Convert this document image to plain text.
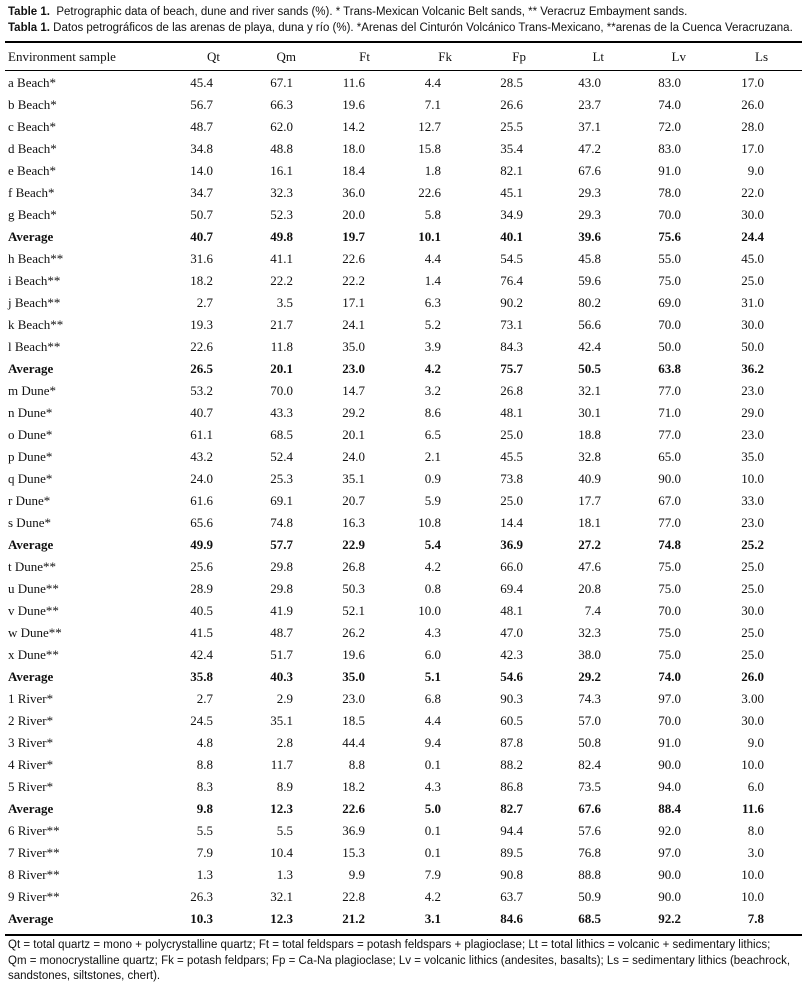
Table 1. Petrographic data of beach, dune and river sands (%). * Trans-Mexican Volcanic Belt sands, ** Veracruz Embayment sands.
Tabla 1. Datos petrográficos de las arenas de playa, duna y río (%). *Arenas del Cinturón Volcánico Trans-Mexicano, **arenas de la Cuenca Veracruzana.
Environment sample	Qt	Qm	Ft	Fk	Fp	Lt	Lv	Ls
a Beach*	45.4	67.1	11.6	4.4	28.5	43.0	83.0	17.0	
b Beach*	56.7	66.3	19.6	7.1	26.6	23.7	74.0	26.0	
c Beach*	48.7	62.0	14.2	12.7	25.5	37.1	72.0	28.0	
d Beach*	34.8	48.8	18.0	15.8	35.4	47.2	83.0	17.0	
e Beach*	14.0	16.1	18.4	1.8	82.1	67.6	91.0	9.0	
f Beach*	34.7	32.3	36.0	22.6	45.1	29.3	78.0	22.0	
g Beach*	50.7	52.3	20.0	5.8	34.9	29.3	70.0	30.0	
Average	40.7	49.8	19.7	10.1	40.1	39.6	75.6	24.4	
h Beach**	31.6	41.1	22.6	4.4	54.5	45.8	55.0	45.0	
i Beach**	18.2	22.2	22.2	1.4	76.4	59.6	75.0	25.0	
j Beach**	2.7	3.5	17.1	6.3	90.2	80.2	69.0	31.0	
k Beach**	19.3	21.7	24.1	5.2	73.1	56.6	70.0	30.0	
l Beach**	22.6	11.8	35.0	3.9	84.3	42.4	50.0	50.0	
Average	26.5	20.1	23.0	4.2	75.7	50.5	63.8	36.2	
m Dune*	53.2	70.0	14.7	3.2	26.8	32.1	77.0	23.0	
n Dune*	40.7	43.3	29.2	8.6	48.1	30.1	71.0	29.0	
o Dune*	61.1	68.5	20.1	6.5	25.0	18.8	77.0	23.0	
p Dune*	43.2	52.4	24.0	2.1	45.5	32.8	65.0	35.0	
q Dune*	24.0	25.3	35.1	0.9	73.8	40.9	90.0	10.0	
r Dune*	61.6	69.1	20.7	5.9	25.0	17.7	67.0	33.0	
s Dune*	65.6	74.8	16.3	10.8	14.4	18.1	77.0	23.0	
Average	49.9	57.7	22.9	5.4	36.9	27.2	74.8	25.2	
t Dune**	25.6	29.8	26.8	4.2	66.0	47.6	75.0	25.0	
u Dune**	28.9	29.8	50.3	0.8	69.4	20.8	75.0	25.0	
v Dune**	40.5	41.9	52.1	10.0	48.1	7.4	70.0	30.0	
w Dune**	41.5	48.7	26.2	4.3	47.0	32.3	75.0	25.0	
x Dune**	42.4	51.7	19.6	6.0	42.3	38.0	75.0	25.0	
Average	35.8	40.3	35.0	5.1	54.6	29.2	74.0	26.0	
1 River*	2.7	2.9	23.0	6.8	90.3	74.3	97.0	3.00	
2 River*	24.5	35.1	18.5	4.4	60.5	57.0	70.0	30.0	
3 River*	4.8	2.8	44.4	9.4	87.8	50.8	91.0	9.0	
4 River*	8.8	11.7	8.8	0.1	88.2	82.4	90.0	10.0	
5 River*	8.3	8.9	18.2	4.3	86.8	73.5	94.0	6.0	
Average	9.8	12.3	22.6	5.0	82.7	67.6	88.4	11.6	
6 River**	5.5	5.5	36.9	0.1	94.4	57.6	92.0	8.0	
7 River**	7.9	10.4	15.3	0.1	89.5	76.8	97.0	3.0	
8 River**	1.3	1.3	9.9	7.9	90.8	88.8	90.0	10.0	
9 River**	26.3	32.1	22.8	4.2	63.7	50.9	90.0	10.0	
Average	10.3	12.3	21.2	3.1	84.6	68.5	92.2	7.8	
Qt = total quartz = mono + polycrystalline quartz; Ft = total feldspars = potash feldspars + plagioclase; Lt = total lithics = volcanic + sedimentary lithics;
Qm = monocrystalline quartz; Fk = potash feldpars; Fp = Ca-Na plagioclase; Lv = volcanic lithics (andesites, basalts); Ls = sedimentary lithics (beachrock,
sandstones, siltstones, chert).
